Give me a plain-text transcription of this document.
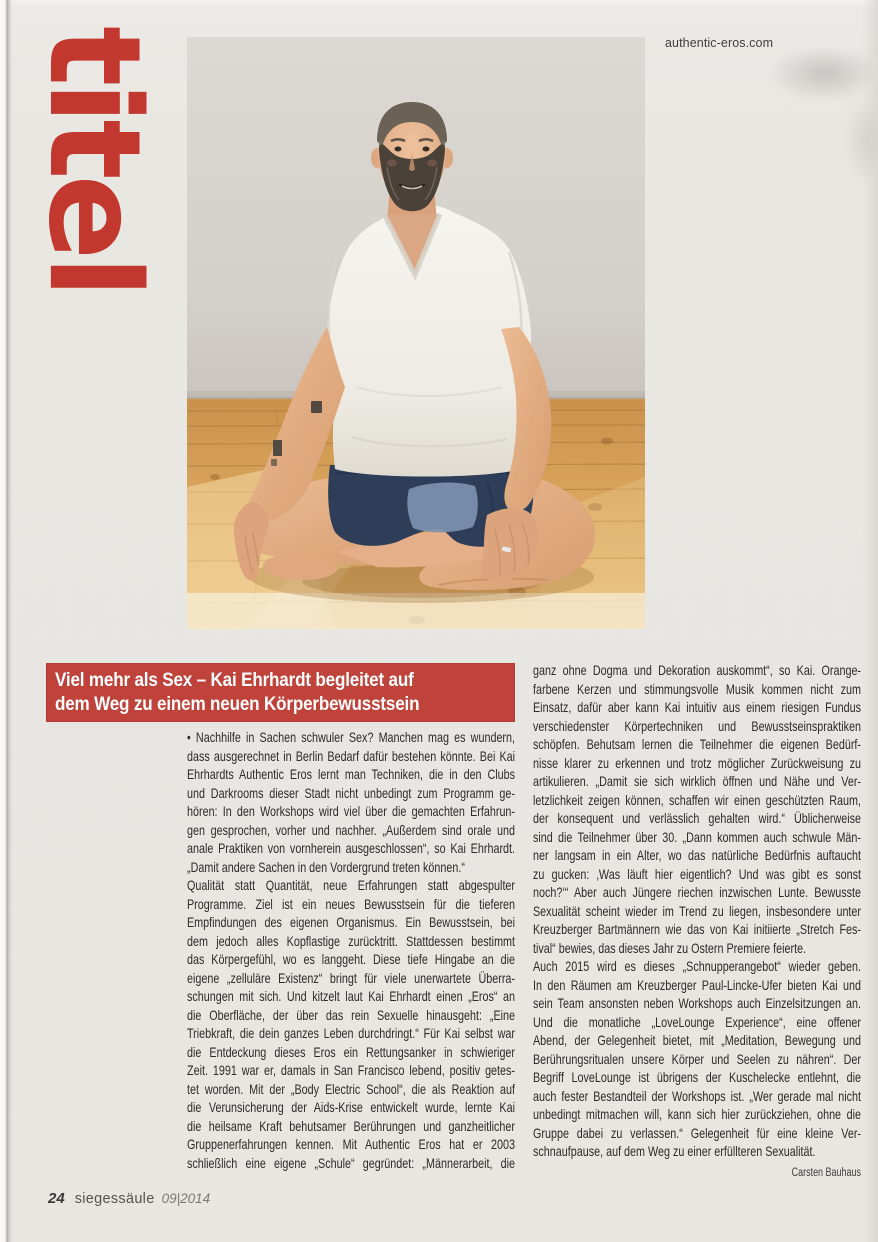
titel	authentic-eros.com
Viel mehr als Sex – Kai Ehrhardt begleitet auf
dem Weg zu einem neuen Körperbewusstsein
• Nachhilfe in Sachen schwuler Sex? Manchen mag es wundern,
dass ausgerechnet in Berlin Bedarf dafür bestehen könnte. Bei Kai
Ehrhardts Authentic Eros lernt man Techniken, die in den Clubs
und Darkrooms dieser Stadt nicht unbedingt zum Programm ge-
hören: In den Workshops wird viel über die gemachten Erfahrun-
gen gesprochen, vorher und nachher. „Außerdem sind orale und
anale Praktiken von vornherein ausgeschlossen“, so Kai Ehrhardt.
„Damit andere Sachen in den Vordergrund treten können.“
Qualität statt Quantität, neue Erfahrungen statt abgespulter
Programme. Ziel ist ein neues Bewusstsein für die tieferen
Empfindungen des eigenen Organismus. Ein Bewusstsein, bei
dem jedoch alles Kopflastige zurücktritt. Stattdessen bestimmt
das Körpergefühl, wo es langgeht. Diese tiefe Hingabe an die
eigene „zelluläre Existenz“ bringt für viele unerwartete Überra-
schungen mit sich. Und kitzelt laut Kai Ehrhardt einen „Eros“ an
die Oberfläche, der über das rein Sexuelle hinausgeht: „Eine
Triebkraft, die dein ganzes Leben durchdringt.“ Für Kai selbst war
die Entdeckung dieses Eros ein Rettungsanker in schwieriger
Zeit. 1991 war er, damals in San Francisco lebend, positiv getes-
tet worden. Mit der „Body Electric School“, die als Reaktion auf
die Verunsicherung der Aids-Krise entwickelt wurde, lernte Kai
die heilsame Kraft behutsamer Berührungen und ganzheitlicher
Gruppenerfahrungen kennen. Mit Authentic Eros hat er 2003
schließlich eine eigene „Schule“ gegründet: „Männerarbeit, die
ganz ohne Dogma und Dekoration auskommt“, so Kai. Orange-
farbene Kerzen und stimmungsvolle Musik kommen nicht zum
Einsatz, dafür aber kann Kai intuitiv aus einem riesigen Fundus
verschiedenster Körpertechniken und Bewusstseinspraktiken
schöpfen. Behutsam lernen die Teilnehmer die eigenen Bedürf-
nisse klarer zu erkennen und trotz möglicher Zurückweisung zu
artikulieren. „Damit sie sich wirklich öffnen und Nähe und Ver-
letzlichkeit zeigen können, schaffen wir einen geschützten Raum,
der konsequent und verlässlich gehalten wird.“ Üblicherweise
sind die Teilnehmer über 30. „Dann kommen auch schwule Män-
ner langsam in ein Alter, wo das natürliche Bedürfnis auftaucht
zu gucken: ‚Was läuft hier eigentlich? Und was gibt es sonst
noch?‘“ Aber auch Jüngere riechen inzwischen Lunte. Bewusste
Sexualität scheint wieder im Trend zu liegen, insbesondere unter
Kreuzberger Bartmännern wie das von Kai initiierte „Stretch Fes-
tival“ bewies, das dieses Jahr zu Ostern Premiere feierte.
Auch 2015 wird es dieses „Schnupperangebot“ wieder geben.
In den Räumen am Kreuzberger Paul-Lincke-Ufer bieten Kai und
sein Team ansonsten neben Workshops auch Einzelsitzungen an.
Und die monatliche „LoveLounge Experience“, eine offener
Abend, der Gelegenheit bietet, mit „Meditation, Bewegung und
Berührungsritualen unsere Körper und Seelen zu nähren“. Der
Begriff LoveLounge ist übrigens der Kuschelecke entlehnt, die
auch fester Bestandteil der Workshops ist. „Wer gerade mal nicht
unbedingt mitmachen will, kann sich hier zurückziehen, ohne die
Gruppe dabei zu verlassen.“ Gelegenheit für eine kleine Ver-
schnaufpause, auf dem Weg zu einer erfüllteren Sexualität.
Carsten Bauhaus
24 siegessäule 09|2014
